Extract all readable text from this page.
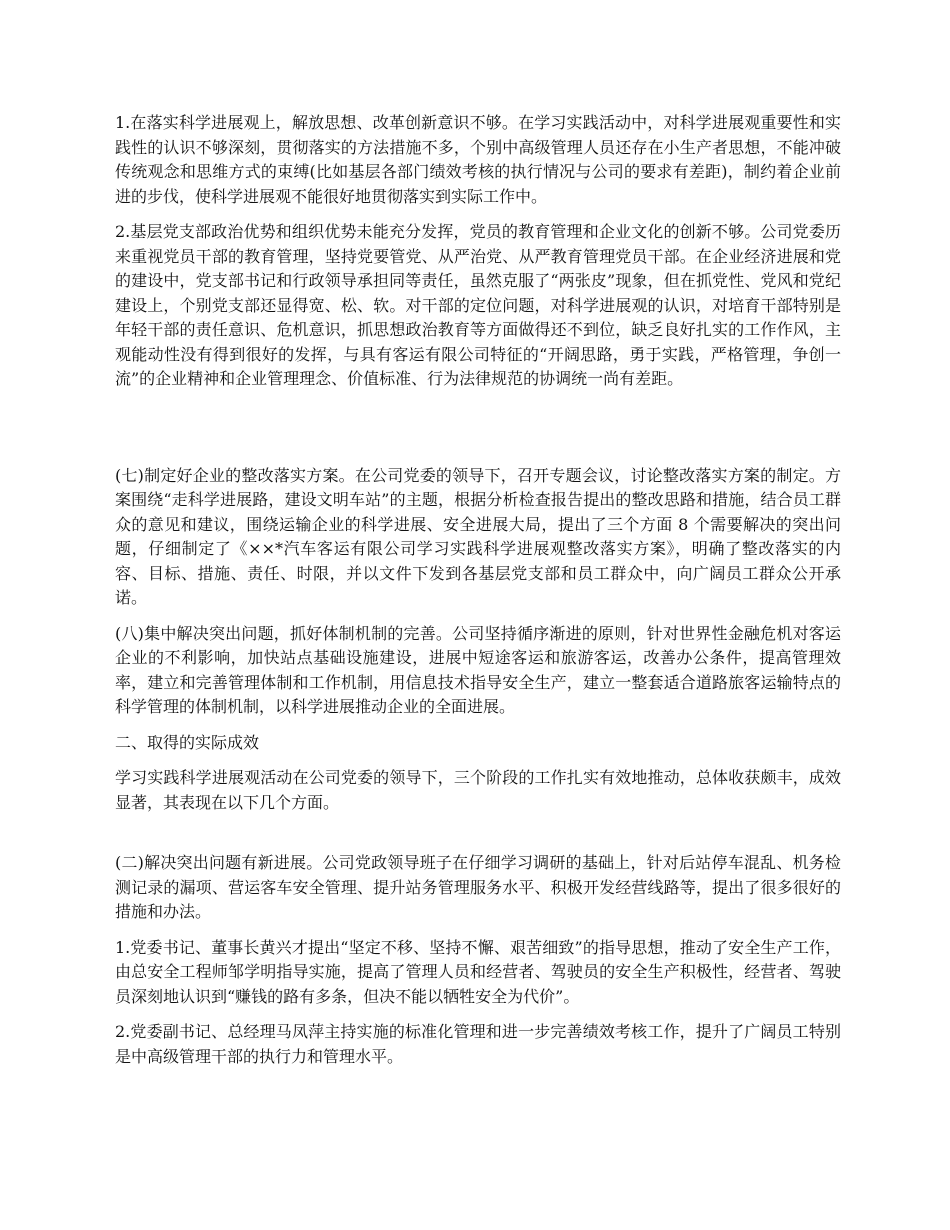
1.在落实科学进展观上，解放思想、改革创新意识不够。在学习实践活动中，对科学进展观重要性和实践性的认识不够深刻，贯彻落实的方法措施不多，个别中高级管理人员还存在小生产者思想，不能冲破传统观念和思维方式的束缚(比如基层各部门绩效考核的执行情况与公司的要求有差距)，制约着企业前进的步伐，使科学进展观不能很好地贯彻落实到实际工作中。

2.基层党支部政治优势和组织优势未能充分发挥，党员的教育管理和企业文化的创新不够。公司党委历来重视党员干部的教育管理，坚持党要管党、从严治党、从严教育管理党员干部。在企业经济进展和党的建设中，党支部书记和行政领导承担同等责任，虽然克服了“两张皮”现象，但在抓党性、党风和党纪建设上，个别党支部还显得宽、松、软。对干部的定位问题，对科学进展观的认识，对培育干部特别是年轻干部的责任意识、危机意识，抓思想政治教育等方面做得还不到位，缺乏良好扎实的工作作风，主观能动性没有得到很好的发挥，与具有客运有限公司特征的“开阔思路，勇于实践，严格管理，争创一流”的企业精神和企业管理理念、价值标准、行为法律规范的协调统一尚有差距。

(七)制定好企业的整改落实方案。在公司党委的领导下，召开专题会议，讨论整改落实方案的制定。方案围绕“走科学进展路，建设文明车站”的主题，根据分析检查报告提出的整改思路和措施，结合员工群众的意见和建议，围绕运输企业的科学进展、安全进展大局，提出了三个方面 8 个需要解决的突出问题，仔细制定了《××*汽车客运有限公司学习实践科学进展观整改落实方案》，明确了整改落实的内容、目标、措施、责任、时限，并以文件下发到各基层党支部和员工群众中，向广阔员工群众公开承诺。

(八)集中解决突出问题，抓好体制机制的完善。公司坚持循序渐进的原则，针对世界性金融危机对客运企业的不利影响，加快站点基础设施建设，进展中短途客运和旅游客运，改善办公条件，提高管理效率，建立和完善管理体制和工作机制，用信息技术指导安全生产，建立一整套适合道路旅客运输特点的科学管理的体制机制，以科学进展推动企业的全面进展。

二、取得的实际成效

学习实践科学进展观活动在公司党委的领导下，三个阶段的工作扎实有效地推动，总体收获颇丰，成效显著，其表现在以下几个方面。

(二)解决突出问题有新进展。公司党政领导班子在仔细学习调研的基础上，针对后站停车混乱、机务检测记录的漏项、营运客车安全管理、提升站务管理服务水平、积极开发经营线路等，提出了很多很好的措施和办法。

1.党委书记、董事长黄兴才提出“坚定不移、坚持不懈、艰苦细致”的指导思想，推动了安全生产工作，由总安全工程师邹学明指导实施，提高了管理人员和经营者、驾驶员的安全生产积极性，经营者、驾驶员深刻地认识到“赚钱的路有多条，但决不能以牺牲安全为代价”。

2.党委副书记、总经理马凤萍主持实施的标准化管理和进一步完善绩效考核工作，提升了广阔员工特别是中高级管理干部的执行力和管理水平。
